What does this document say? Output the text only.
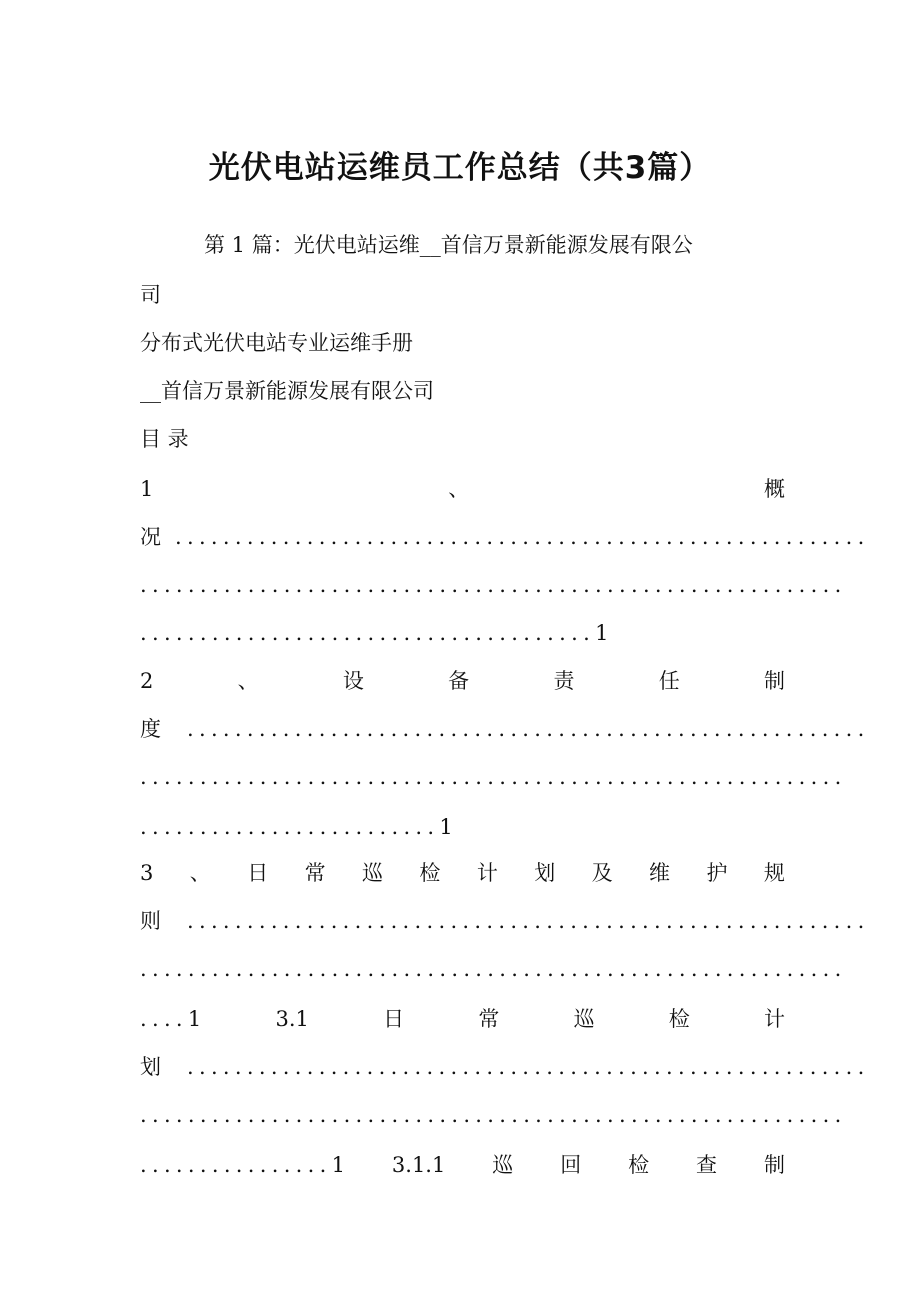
光伏电站运维员工作总结（共3篇）

第 1 篇：光伏电站运维__首信万景新能源发展有限公

司

分布式光伏电站专业运维手册

__首信万景新能源发展有限公司

目 录

1	、	概
况 ..........................................................
...........................................................
......................................1
2	、	设	备	责	任	制
度 .........................................................
...........................................................
.........................1
3 、 日 常 巡 检 计 划 及 维 护 规
则 .........................................................
...........................................................
....1	3.1	日	常	巡	检	计
划 .........................................................
...........................................................
................1 3.1.1 巡 回 检 查 制
